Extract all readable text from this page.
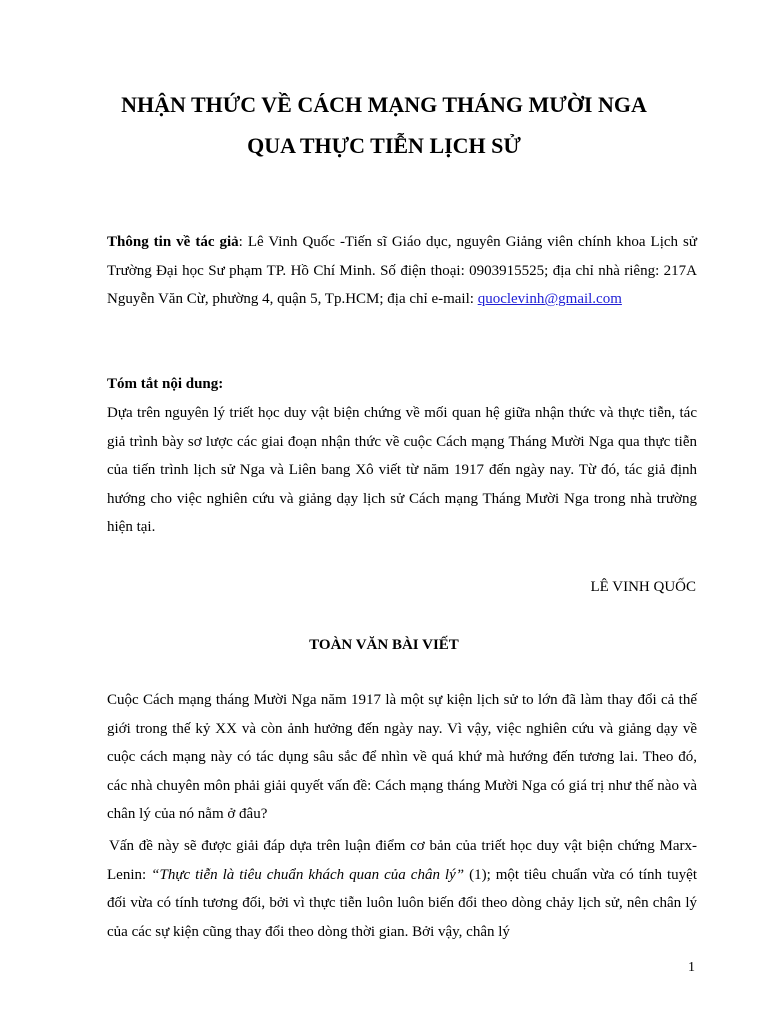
NHẬN THỨC VỀ CÁCH MẠNG THÁNG MƯỜI NGA
QUA THỰC TIỄN LỊCH SỬ

Thông tin về tác giả: Lê Vinh Quốc -Tiến sĩ Giáo dục, nguyên Giảng viên chính khoa Lịch sử Trường Đại học Sư phạm TP. Hồ Chí Minh. Số điện thoại: 0903915525; địa chỉ nhà riêng: 217A Nguyễn Văn Cừ, phường 4, quận 5, Tp.HCM; địa chỉ e-mail: quoclevinh@gmail.com

Tóm tắt nội dung:

Dựa trên nguyên lý triết học duy vật biện chứng về mối quan hệ giữa nhận thức và thực tiễn, tác giả trình bày sơ lược các giai đoạn nhận thức về cuộc Cách mạng Tháng Mười Nga qua thực tiễn của tiến trình lịch sử Nga và Liên bang Xô viết từ năm 1917 đến ngày nay. Từ đó, tác giả định hướng cho việc nghiên cứu và giảng dạy lịch sử Cách mạng Tháng Mười Nga trong nhà trường hiện tại.

LÊ VINH QUỐC

TOÀN VĂN BÀI VIẾT

Cuộc Cách mạng tháng Mười Nga năm 1917 là một sự kiện lịch sử to lớn đã làm thay đổi cả thế giới trong thế kỷ XX và còn ảnh hưởng đến ngày nay. Vì vậy, việc nghiên cứu và giảng dạy về cuộc cách mạng này có tác dụng sâu sắc để nhìn về quá khứ mà hướng đến tương lai. Theo đó, các nhà chuyên môn phải giải quyết vấn đề: Cách mạng tháng Mười Nga có giá trị như thế nào và chân lý của nó nằm ở đâu?

Vấn đề này sẽ được giải đáp dựa trên luận điểm cơ bản của triết học duy vật biện chứng Marx-Lenin: “Thực tiễn là tiêu chuẩn khách quan của chân lý” (1); một tiêu chuẩn vừa có tính tuyệt đối vừa có tính tương đối, bởi vì thực tiễn luôn luôn biến đổi theo dòng chảy lịch sử, nên chân lý của các sự kiện cũng thay đổi theo dòng thời gian. Bởi vậy, chân lý

1
